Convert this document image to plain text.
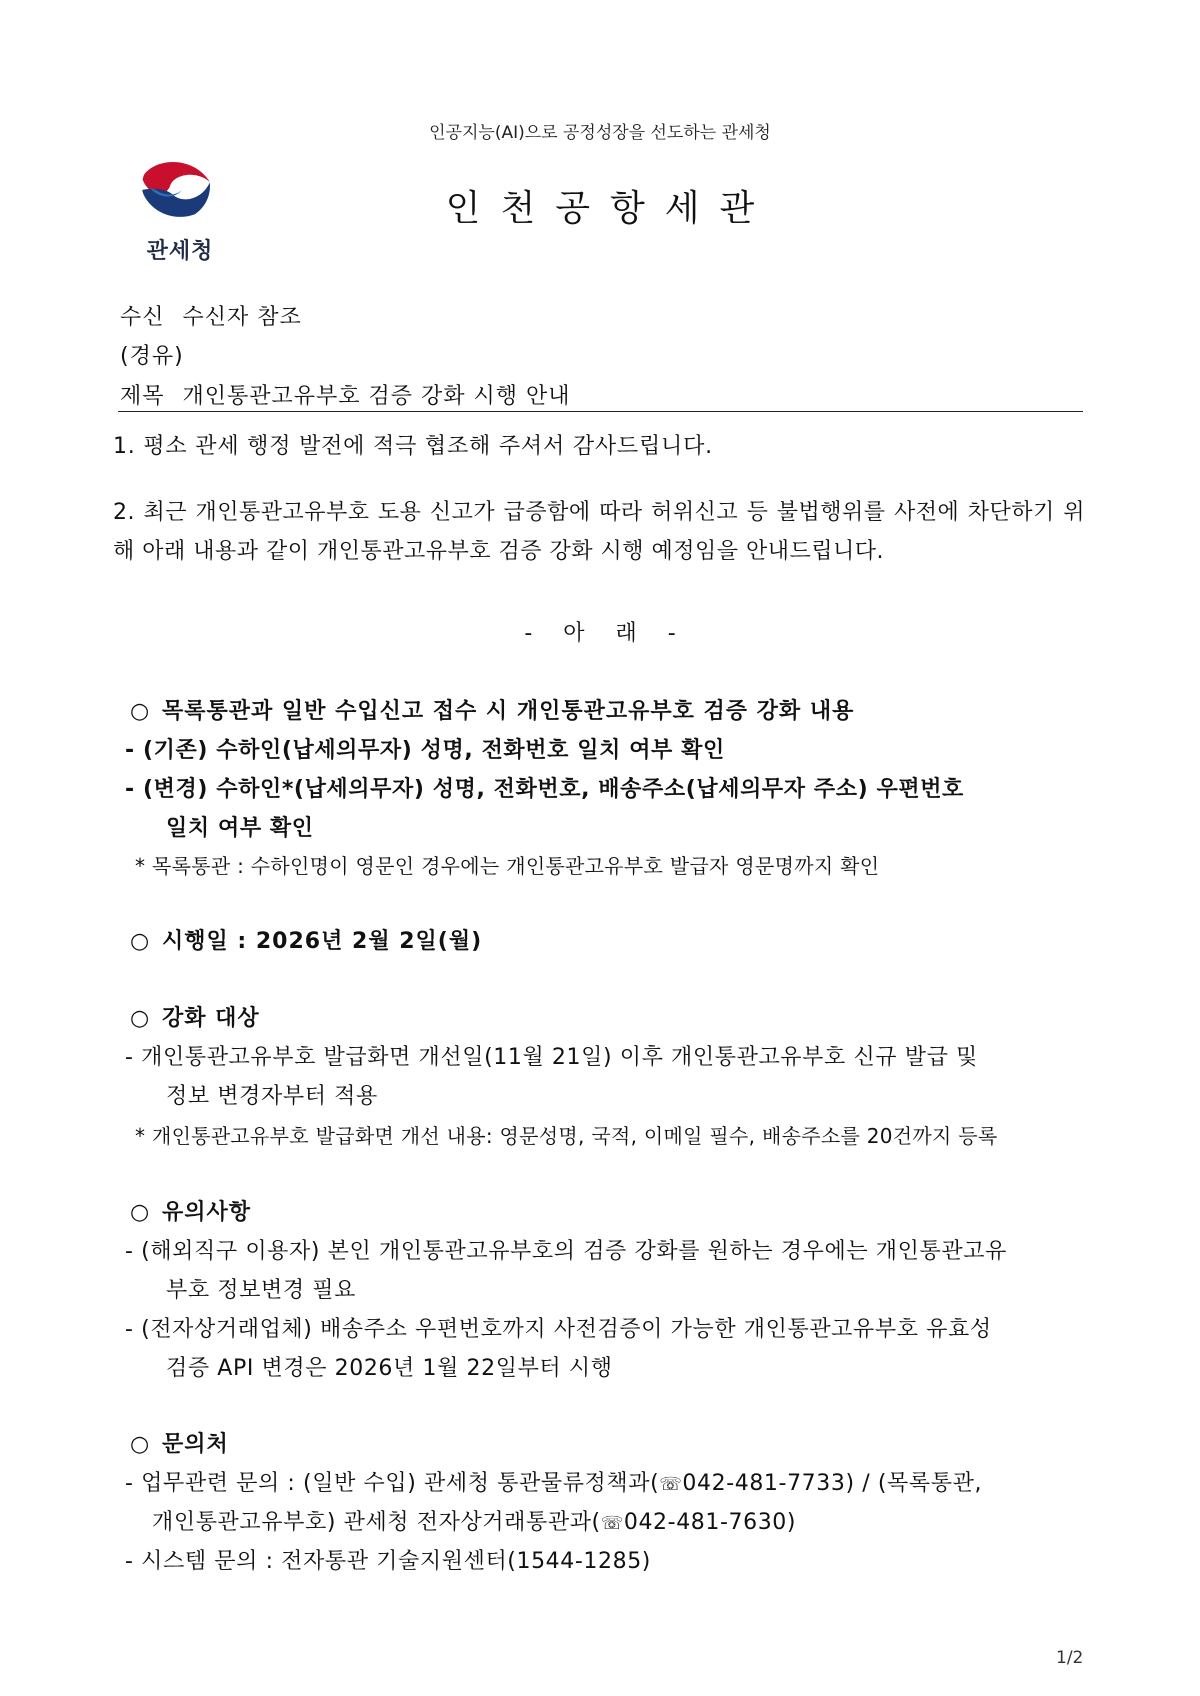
인공지능(AI)으로 공정성장을 선도하는 관세청
관세청
인천공항세관
수신 수신자 참조
(경유)
제목 개인통관고유부호 검증 강화 시행 안내
1. 평소 관세 행정 발전에 적극 협조해 주셔서 감사드립니다.
2. 최근 개인통관고유부호 도용 신고가 급증함에 따라 허위신고 등 불법행위를 사전에 차단하기 위해 아래 내용과 같이 개인통관고유부호 검증 강화 시행 예정임을 안내드립니다.
- 아 래 -
○ 목록통관과 일반 수입신고 접수 시 개인통관고유부호 검증 강화 내용
- (기존) 수하인(납세의무자) 성명, 전화번호 일치 여부 확인
- (변경) 수하인*(납세의무자) 성명, 전화번호, 배송주소(납세의무자 주소) 우편번호
일치 여부 확인
* 목록통관 : 수하인명이 영문인 경우에는 개인통관고유부호 발급자 영문명까지 확인
○ 시행일 : 2026년 2월 2일(월)
○ 강화 대상
- 개인통관고유부호 발급화면 개선일(11월 21일) 이후 개인통관고유부호 신규 발급 및
정보 변경자부터 적용
* 개인통관고유부호 발급화면 개선 내용: 영문성명, 국적, 이메일 필수, 배송주소를 20건까지 등록
○ 유의사항
- (해외직구 이용자) 본인 개인통관고유부호의 검증 강화를 원하는 경우에는 개인통관고유
부호 정보변경 필요
- (전자상거래업체) 배송주소 우편번호까지 사전검증이 가능한 개인통관고유부호 유효성
검증 API 변경은 2026년 1월 22일부터 시행
○ 문의처
- 업무관련 문의 : (일반 수입) 관세청 통관물류정책과(☏042-481-7733) / (목록통관,
개인통관고유부호) 관세청 전자상거래통관과(☏042-481-7630)
- 시스템 문의 : 전자통관 기술지원센터(1544-1285)
1/2
